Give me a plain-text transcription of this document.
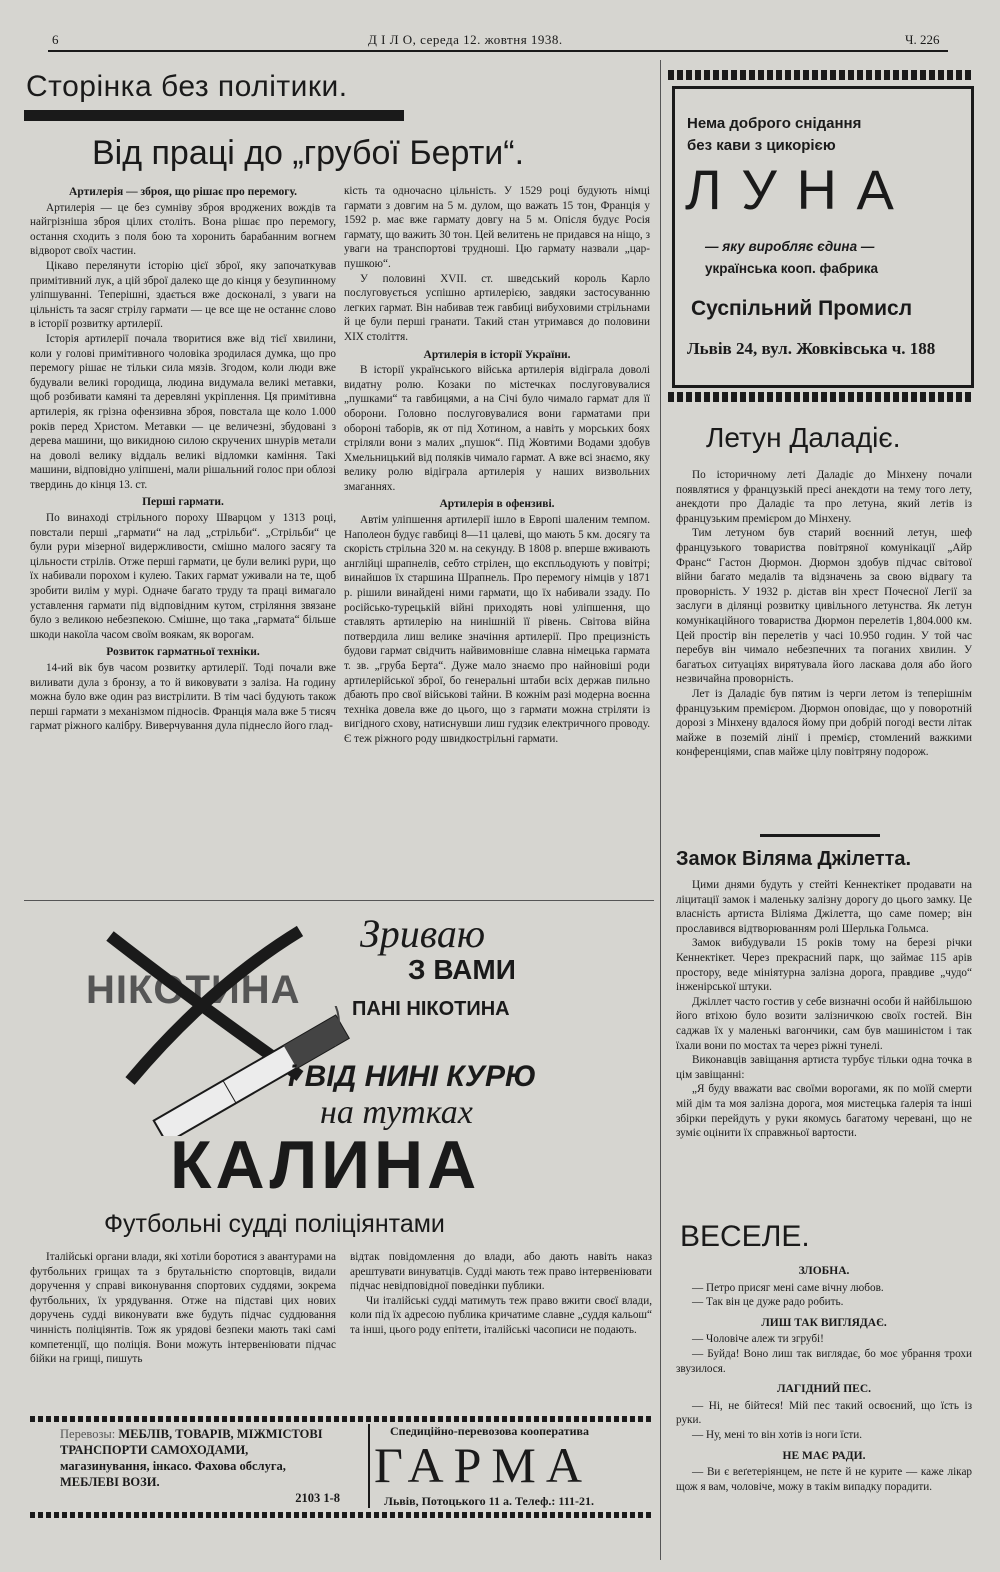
6	Д І Л О, середа 12. жовтня 1938.	Ч. 226
Сторінка без політики.
Від праці до „грубої Берти“.
Артилерія — зброя, що рішає про перемогу.

Артилерія — це без сумніву зброя вроджених вождів та найгрізніша зброя цілих століть. Вона рішає про перемогу, остання сходить з поля бою та хоронить барабанним вогнем відворот своїх частин.

Цікаво перелянути історію цієї зброї, яку започаткував примітивний лук, а цій зброї далеко ще до кінця у безупинному уліпшуванні. Теперішні, здається вже досконалі, з уваги на цільність та засяг стрілу гармати — це все ще не останнє слово в історії розвитку артилерії.

Історія артилерії почала творитися вже від тієї хвилини, коли у голові примітивного чоловіка зродилася думка, що про перемогу рішає не тільки сила мязів. Згодом, коли люди вже будували великі городища, людина видумала великі метавки, щоб розбивати камяні та деревляні укріплення. Ця примітивна артилерія, як грізна офензивна зброя, повстала ще коло 1.000 років перед Христом. Метавки — це величезні, збудовані з дерева машини, що викидною силою скручених шнурів метали на доволі велику віддаль великі відломки каміння. Такі машини, відповідно уліпшені, мали рішальний голос при облозі твердинь до кінця 13. ст.

Перші гармати.

По винаході стрільного пороху Шварцом у 1313 році, повстали перші „гармати“ на лад „стрільби“. „Стрільби“ це були рури мізерної видержливости, смішно малого засягу та цільности стрілів. Отже перші гармати, це були великі рури, що їх набивали порохом і кулею. Таких гармат уживали на те, щоб зробити вилім у мурі. Одначе багато труду та праці вимагало уставлення гармати під відповідним кутом, стріляння звязане було з великою небезпекою. Смішне, що така „гармата“ більше шкоди накоїла часом своїм воякам, як ворогам.

Розвиток гарматньої техніки.

14-ий вік був часом розвитку артилерії. Тоді почали вже виливати дула з бронзу, а то й виковувати з заліза. На годину можна було вже один раз вистрілити. В тім часі будують також перші гармати з механізмом підносів. Франція мала вже 5 тисяч гармат ріжного калібру. Виверчування дула піднесло його глад-

кість та одночасно цільність. У 1529 році будують німці гармати з довгим на 5 м. дулом, що важать 15 тон, Франція у 1592 р. має вже гармату довгу на 5 м. Опісля будує Росія гармату, що важить 30 тон. Цей велитень не придався на ніщо, з уваги на транспортові трудноші. Цю гармату назвали „цар-пушкою“.

У половині XVII. ст. шведський король Карло послуговується успішно артилерією, завдяки застосуванню легких гармат. Він набивав теж гавбиці вибуховими стрільнами й це були перші гранати. Такий стан утримався до половини XIX століття.

Артилерія в історії України.

В історії українського війська артилерія відіграла доволі видатну ролю. Козаки по містечках послуговувалися „пушками“ та гавбицями, а на Січі було чимало гармат для її оборони. Головно послуговувалися вони гарматами при обороні таборів, як от під Хотином, а навіть у морських боях стріляли вони з малих „пушок“. Під Жовтими Водами здобув Хмельницький від поляків чимало гармат. А вже всі знаємо, яку велику ролю відіграла артилерія у наших визвольних змаганнях.

Артилерія в офензиві.

Автім уліпшення артилерії ішло в Европі шаленим темпом. Наполеон будує гавбиці 8—11 цалеві, що мають 5 км. досягу та скорість стрільна 320 м. на секунду. В 1808 р. вперше вживають англійці шрапнелів, себто стрілен, що експльодують у повітрі; винайшов їх старшина Шрапнель. Про перемогу німців у 1871 р. рішили винайдені ними гармати, що їх набивали ззаду. По російсько-турецькій війні приходять нові уліпшення, що ставлять артилерію на нинішній її рівень. Світова війна потвердила лиш велике значіння артилерії. Про прецизність будови гармат свідчить найвимовніше славна німецька гармата т. зв. „груба Берта“. Дуже мало знаємо про найновіші роди артилерійської зброї, бо генеральні штаби всіх держав пильно дбають про свої військові тайни. В кожнім разі модерна воєнна техніка довела вже до цього, що з гармати можна стріляти із вигідного схову, натиснувши лиш гудзик електричного проводу. Є теж ріжного роду швидкострільні гармати.

Нема доброго снідання
без кави з цикорією
Л У Н А
— яку виробляє єдина —
українська кооп. фабрика
Суспільний Промисл
Львів 24, вул. Жовківська ч. 188
Летун Даладіє.

По історичному леті Даладіє до Мінхену почали появлятися у французькій пресі анекдоти на тему того лету, анекдоти про Даладіє та про летуна, який летів із французьким премієром до Мінхену.

Тим летуном був старий воєнний летун, шеф французького товариства повітряної комунікації „Айр Франс“ Гастон Дюрмон. Дюрмон здобув підчас світової війни багато медалів та відзначень за свою відвагу та проворність. У 1932 р. дістав він хрест Почесної Легії за заслуги в ділянці розвитку цивільного летунства. Як летун комунікаційного товариства Дюрмон перелетів 1,804.000 км. Цей простір він перелетів у часі 10.950 годин. У той час перебув він чимало небезпечних та поганих хвилин. У багатьох ситуаціях вирятувала його ласкава доля або його незвичайна проворність.

Лет із Даладіє був пятим із черги летом із теперішнім французьким премієром. Дюрмон оповідає, що у поворотній дорозі з Мінхену вдалося йому при добрій погоді вести літак майже в поземій лінії і премієр, стомлений важкими конференціями, спав майже цілу повітряну подорож.

Замок Віляма Джілетта.

Цими днями будуть у стейті Кеннектікет продавати на ліцитації замок і маленьку залізну дорогу до цього замку. Це власність артиста Віліяма Джілетта, що саме помер; він прославився відтворюванням ролі Шерлька Гольмса.

Замок вибудували 15 років тому на березі річки Кеннектікет. Через прекрасний парк, що займає 115 арів простору, веде мініятурна залізна дорога, правдиве „чудо“ інженірської штуки.

Джіллет часто гостив у себе визначні особи й найбільшою його втіхою було возити залізничкою своїх гостей. Він саджав їх у маленькі вагончики, сам був машиністом і так їхали вони по мостах та через ріжні тунелі.

Виконавців завіщання артиста турбує тільки одна точка в цім завіщанні:

„Я буду вважати вас своїми ворогами, як по моїй смерти мій дім та моя залізна дорога, моя мистецька ґалерія та інші збірки перейдуть у руки якомусь багатому черевані, що не зуміє оцінити їх справжньої вартости.

НІКОТИНА
Зриваю
З ВАМИ
ПАНІ НІКОТИНА
і ВІД НИНІ КУРЮ
на тутках
КАЛИНА
Футбольні судді поліціянтами

Італійські органи влади, які хотіли боротися з авантурами на футбольних грищах та з брутальністю спортовців, видали доручення у справі виконування спортових суддями, зокрема футбольних, їх урядування. Отже на підставі цих нових доручень судді виконувати вже будуть підчас суддювання чинність поліціянтів. Тож як урядові безпеки мають такі самі компетенції, що поліція. Вони можуть інтервеніювати підчас бійки на грищі, пишуть

відтак повідомлення до влади, або дають навіть наказ арештувати винуватців. Судді мають теж право інтервеніювати підчас невідповідної поведінки публики.

Чи італійські судді матимуть теж право вжити своєї влади, коли під їх адресою публика кричатиме славне „суддя кальош“ та інші, цього роду епітети, італійські часописи не подають.

Перевозы: МЕБЛІВ, ТОВАРІВ, МІЖМІСТОВІ ТРАНСПОРТИ САМОХОДАМИ, магазинування, інкасо. Фахова обслуга, МЕБЛЕВІ ВОЗИ.
2103 1-8
Спедиційно-перевозова кооператива
ГАРМА
Львів, Потоцького 11 а. Телеф.: 111-21.
ВЕСЕЛЕ.
ЗЛОБНА.

— Петро присяг мені саме вічну любов.

— Так він це дуже радо робить.

ЛИШ ТАК ВИГЛЯДАЄ.

— Чоловіче алеж ти згрубі!

— Буйда! Воно лиш так виглядає, бо моє убрання трохи звузилося.

ЛАГІДНИЙ ПЕС.

— Ні, не бійтеся! Мій пес такий освоєний, що їсть із руки.

— Ну, мені то він хотів із ноги їсти.

НЕ МАЄ РАДИ.

— Ви є веґетеріянцем, не пєте й не курите — каже лікар щож я вам, чоловіче, можу в такім випадку порадити.
